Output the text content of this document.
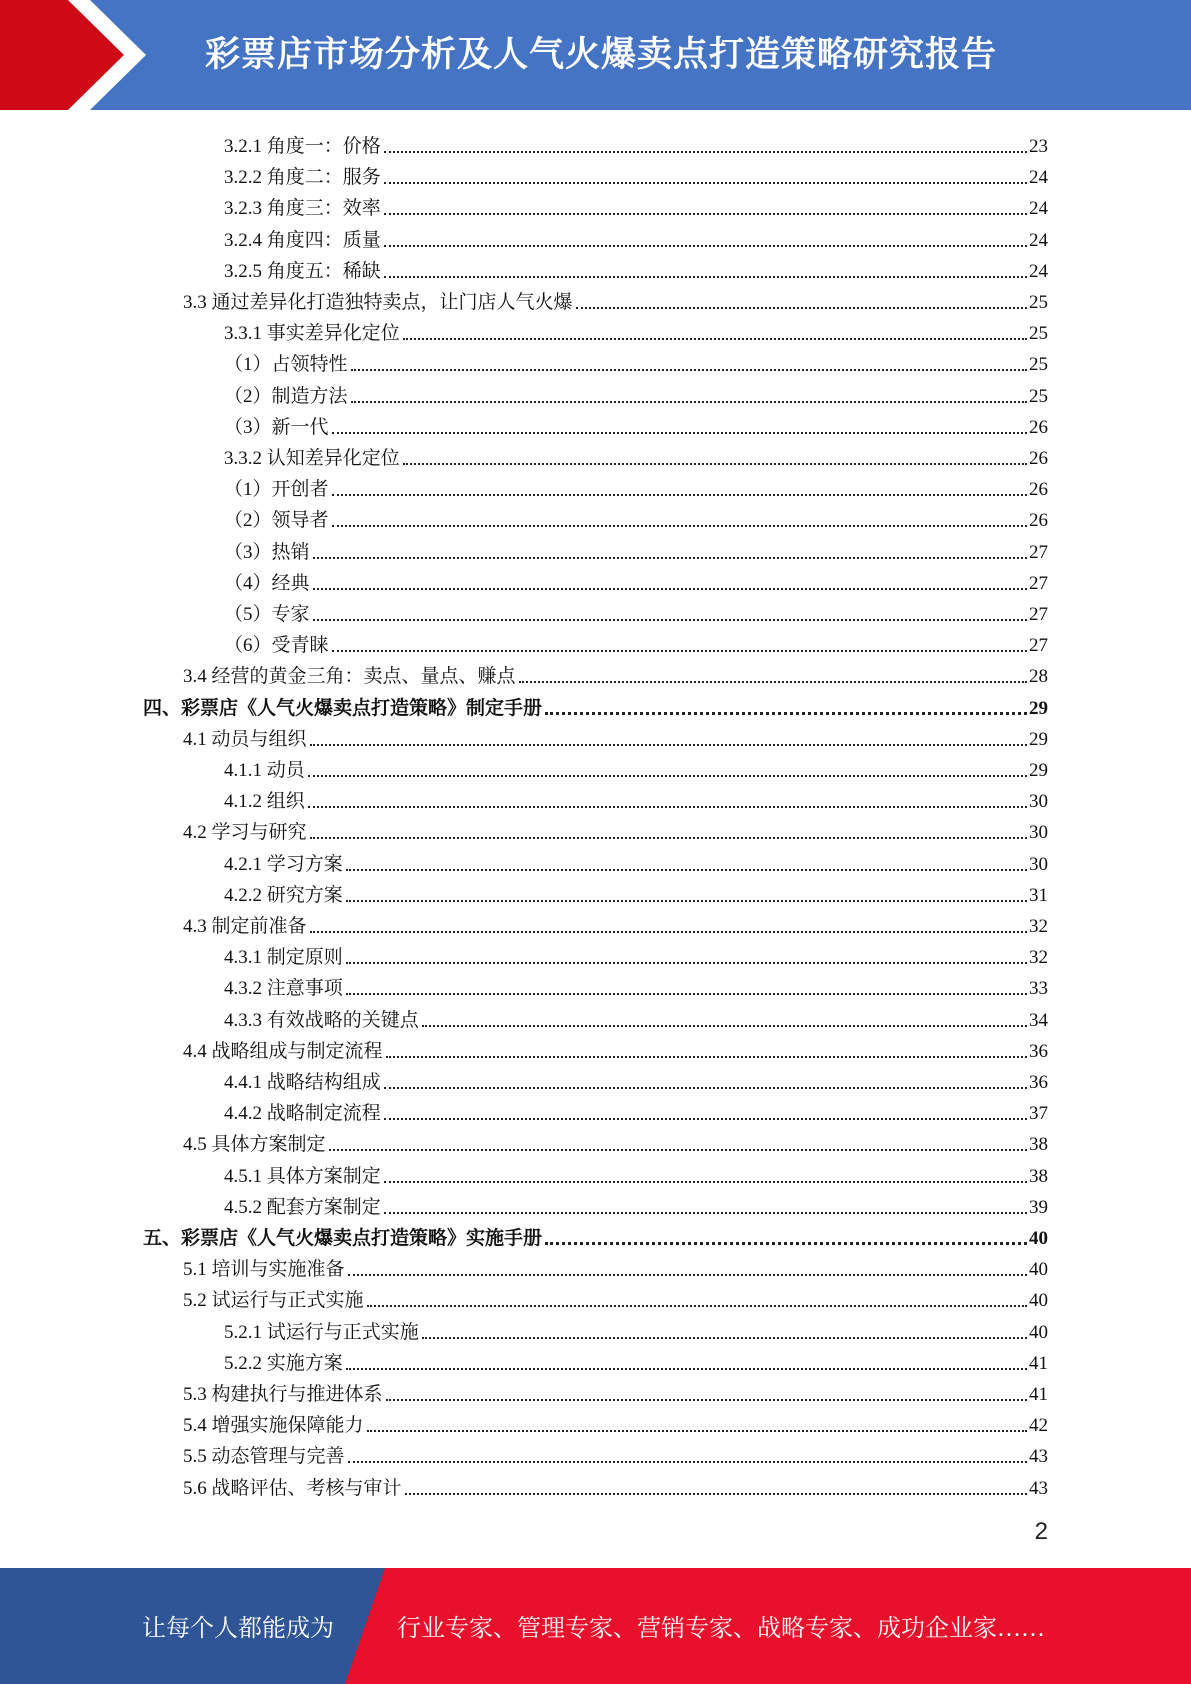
彩票店市场分析及人气火爆卖点打造策略研究报告
3.2.1 角度一：价格	23
3.2.2 角度二：服务	24
3.2.3 角度三：效率	24
3.2.4 角度四：质量	24
3.2.5 角度五：稀缺	24
3.3 通过差异化打造独特卖点，让门店人气火爆	25
3.3.1 事实差异化定位	25
（1）占领特性	25
（2）制造方法	25
（3）新一代	26
3.3.2 认知差异化定位	26
（1）开创者	26
（2）领导者	26
（3）热销	27
（4）经典	27
（5）专家	27
（6）受青睐	27
3.4 经营的黄金三角：卖点、量点、赚点	28
四、彩票店《人气火爆卖点打造策略》制定手册	29
4.1 动员与组织	29
4.1.1 动员	29
4.1.2 组织	30
4.2 学习与研究	30
4.2.1 学习方案	30
4.2.2 研究方案	31
4.3 制定前准备	32
4.3.1 制定原则	32
4.3.2 注意事项	33
4.3.3 有效战略的关键点	34
4.4 战略组成与制定流程	36
4.4.1 战略结构组成	36
4.4.2 战略制定流程	37
4.5 具体方案制定	38
4.5.1 具体方案制定	38
4.5.2 配套方案制定	39
五、彩票店《人气火爆卖点打造策略》实施手册	40
5.1 培训与实施准备	40
5.2 试运行与正式实施	40
5.2.1 试运行与正式实施	40
5.2.2 实施方案	41
5.3 构建执行与推进体系	41
5.4 增强实施保障能力	42
5.5 动态管理与完善	43
5.6 战略评估、考核与审计	43
2
让每个人都能成为	行业专家、管理专家、营销专家、战略专家、成功企业家……
